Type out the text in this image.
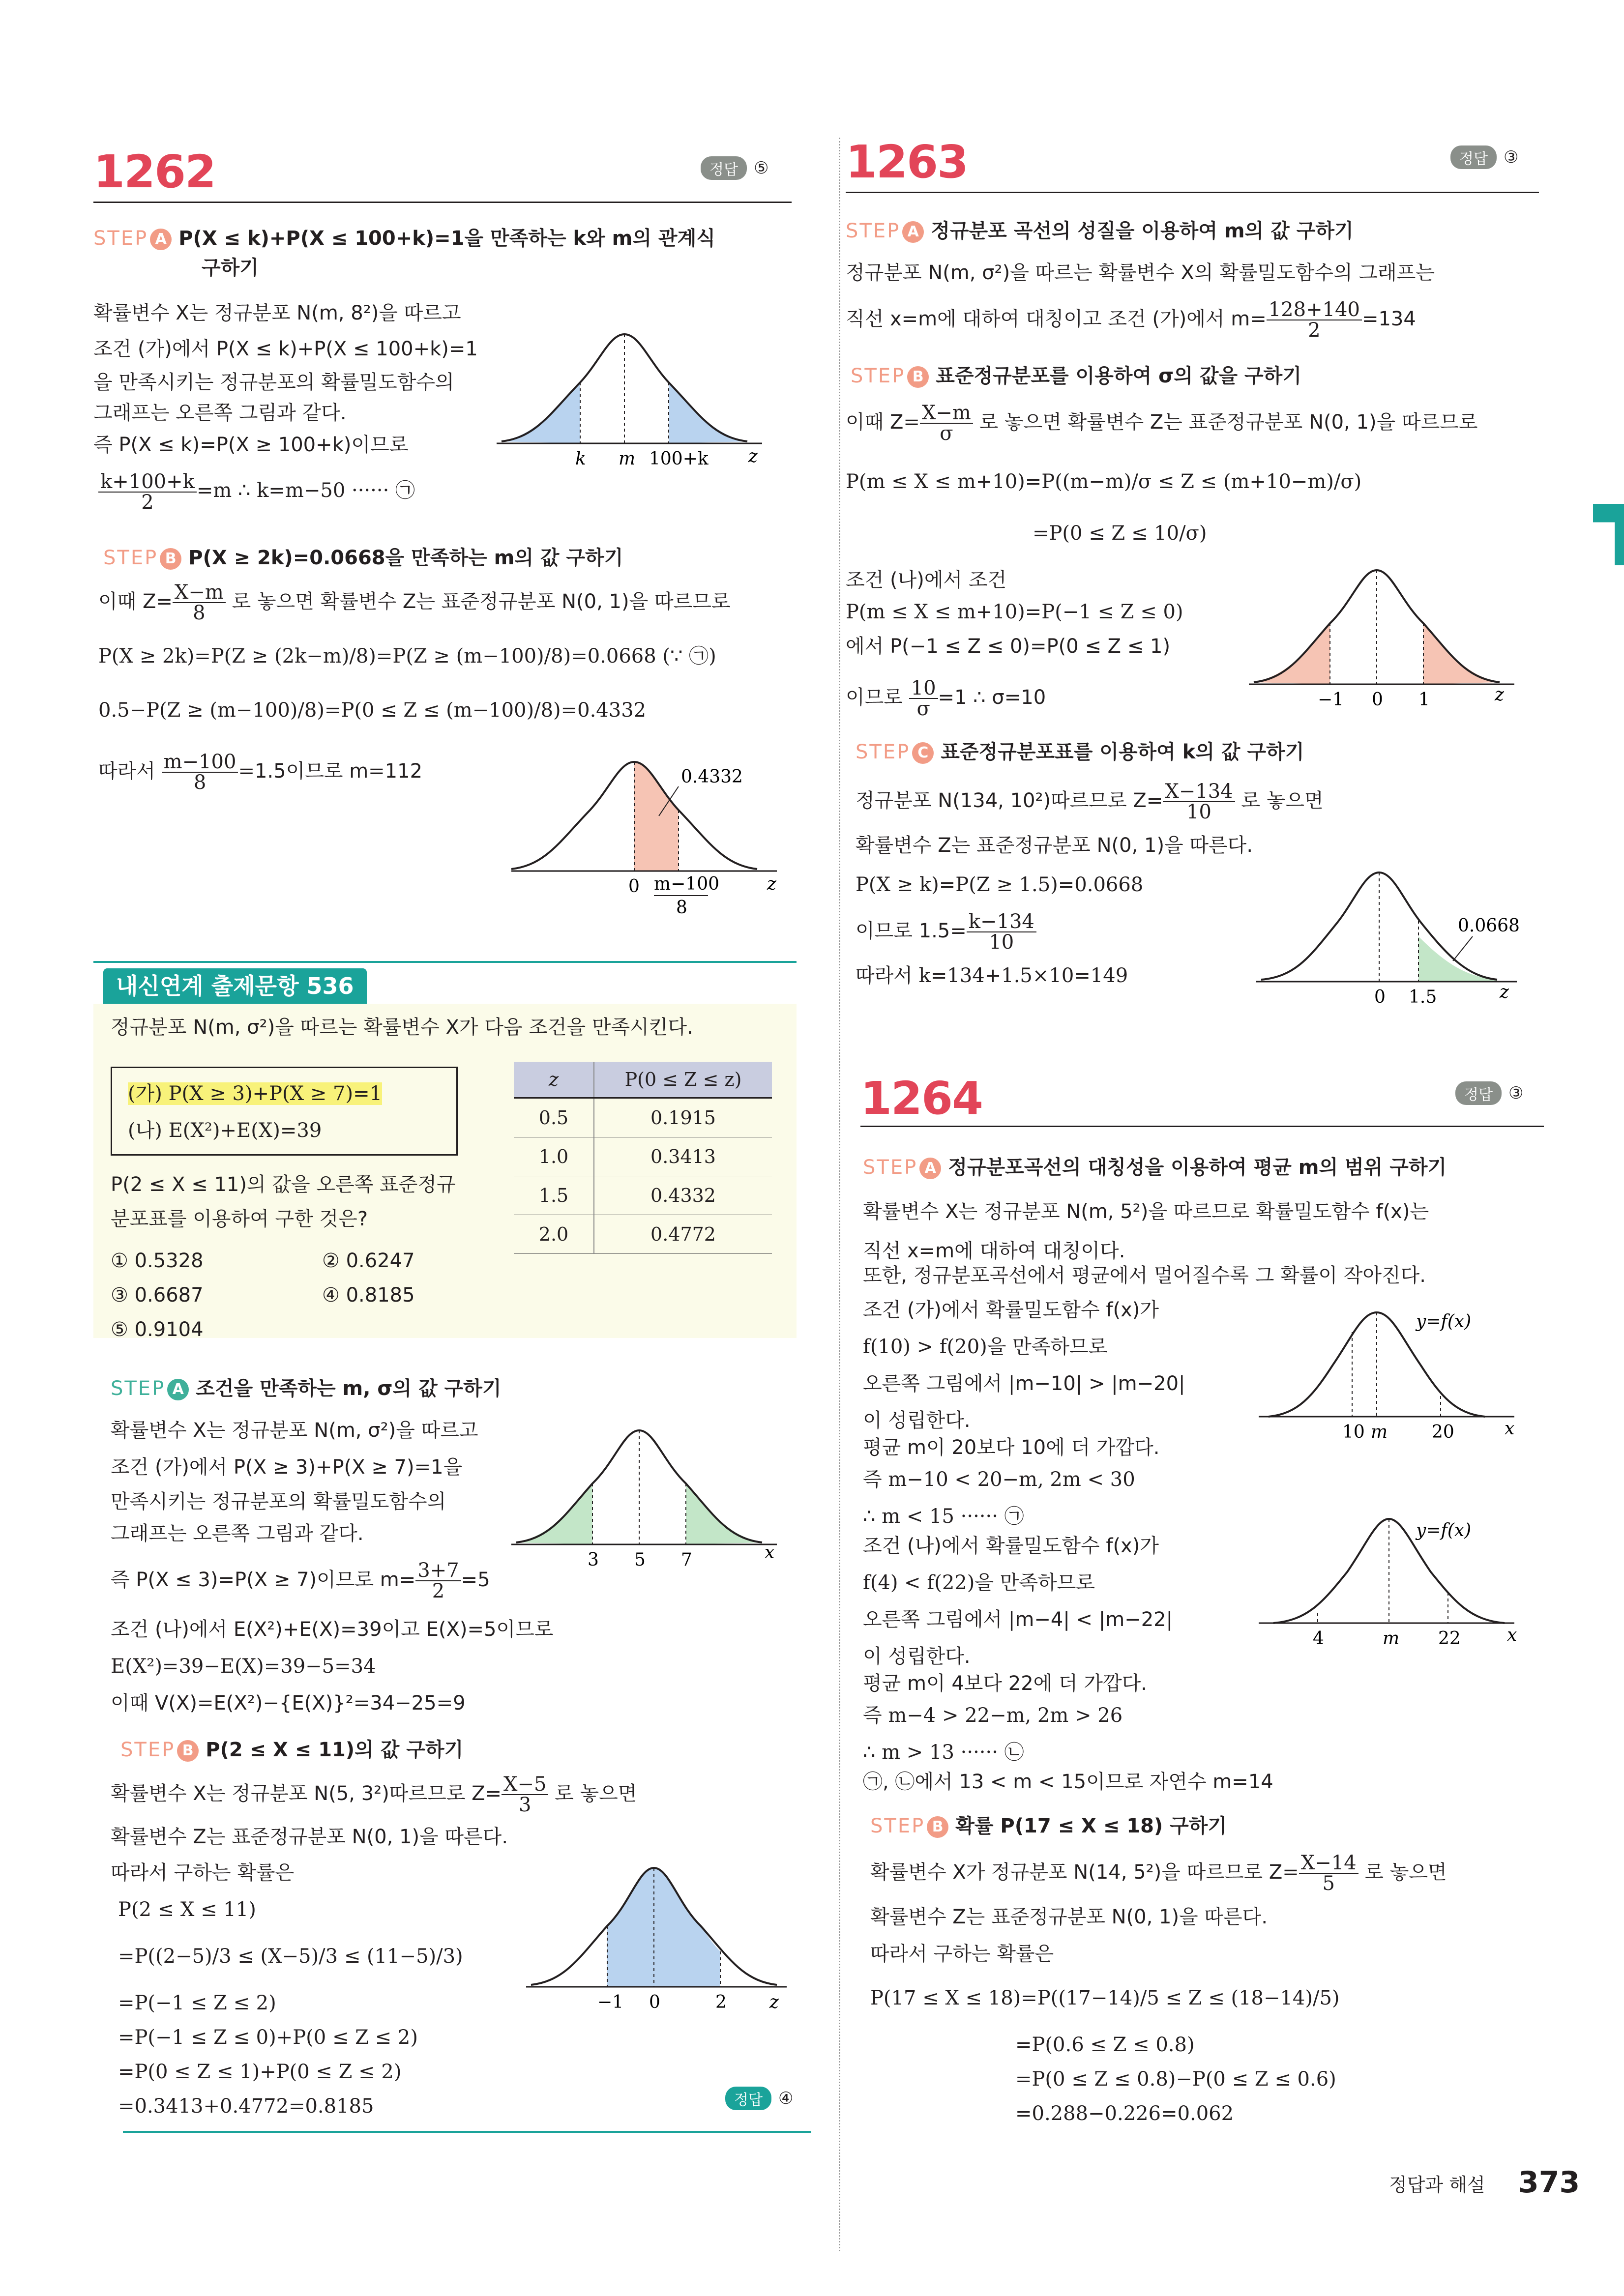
1262	정답 ⑤
STEP A P(X ≤ k)+P(X ≤ 100+k)=1을 만족하는 k와 m의 관계식
구하기
확률변수 X는 정규분포 N(m, 8²)을 따르고
조건 (가)에서 P(X ≤ k)+P(X ≤ 100+k)=1
을 만족시키는 정규분포의 확률밀도함수의
그래프는 오른쪽 그림과 같다.
즉 P(X ≤ k)=P(X ≥ 100+k)이므로
$\frac{k+100+k}{2} =m$ ∴ k=m−50 ······ ㉠
k m 100+k z
STEP B P(X ≥ 2k)=0.0668을 만족하는 m의 값 구하기
이때 $Z= \frac{X-m}{8}$ 로 놓으면 확률변수 Z는 표준정규분포 N(0, 1)을 따르므로
P(X ≥ 2k)=P(Z ≥ (2k−m)/8)=P(Z ≥ (m−100)/8)=0.0668 (∵ ㉠)
0.5−P(Z ≥ (m−100)/8)=P(0 ≤ Z ≤ (m−100)/8)=0.4332
따라서 $\frac{m-100}{8} =1.5$이므로 m=112	0.4332
0 m−100
8
z
내신연계 출제문항 536
정규분포 N(m, σ²)을 따르는 확률변수 X가 다음 조건을 만족시킨다.
(가) P(X ≥ 3)+P(X ≥ 7)=1
(나) E(X²)+E(X)=39
P(2 ≤ X ≤ 11)의 값을 오른쪽 표준정규
분포표를 이용하여 구한 것은?
① 0.5328	② 0.6247
③ 0.6687	④ 0.8185
⑤ 0.9104
z	P(0 ≤ Z ≤ z)
0.5	0.1915
1.0	0.3413
1.5	0.4332
2.0	0.4772
STEP A 조건을 만족하는 m, σ의 값 구하기
확률변수 X는 정규분포 N(m, σ²)을 따르고
조건 (가)에서 P(X ≥ 3)+P(X ≥ 7)=1을
만족시키는 정규분포의 확률밀도함수의
그래프는 오른쪽 그림과 같다.
즉 P(X ≤ 3)=P(X ≥ 7)이므로 $m= \frac{3+7}{2} =5$
조건 (나)에서 E(X²)+E(X)=39이고 E(X)=5이므로
E(X²)=39−E(X)=39−5=34
이때 V(X)=E(X²)−{E(X)}²=34−25=9
3 5 7	x
STEP B P(2 ≤ X ≤ 11)의 값 구하기
확률변수 X는 정규분포 N(5, 3²)따르므로 $Z= \frac{X-5}{3}$ 로 놓으면
확률변수 Z는 표준정규분포 N(0, 1)을 따른다.
따라서 구하는 확률은
P(2 ≤ X ≤ 11)
=P((2−5)/3 ≤ (X−5)/3 ≤ (11−5)/3)
=P(−1 ≤ Z ≤ 2)
=P(−1 ≤ Z ≤ 0)+P(0 ≤ Z ≤ 2)
=P(0 ≤ Z ≤ 1)+P(0 ≤ Z ≤ 2)
=0.3413+0.4772=0.8185
−1 0	2 z
정답 ④
1263	정답 ③
STEP A 정규분포 곡선의 성질을 이용하여 m의 값 구하기
정규분포 N(m, σ²)을 따르는 확률변수 X의 확률밀도함수의 그래프는
직선 x=m에 대하여 대칭이고 조건 (가)에서 $m= \frac{128+140}{2} =134$
STEP B 표준정규분포를 이용하여 σ의 값을 구하기
이때 $Z= \frac{X-m}{\sigma}$ 로 놓으면 확률변수 Z는 표준정규분포 N(0, 1)을 따르므로
P(m ≤ X ≤ m+10)=P((m−m)/σ ≤ Z ≤ (m+10−m)/σ)
=P(0 ≤ Z ≤ 10/σ)
조건 (나)에서 조건
P(m ≤ X ≤ m+10)=P(−1 ≤ Z ≤ 0)
에서 P(−1 ≤ Z ≤ 0)=P(0 ≤ Z ≤ 1)
이므로 $\frac{10}{\sigma} =1$ ∴ σ=10	−1 0 1	z
STEP C 표준정규분포표를 이용하여 k의 값 구하기
정규분포 N(134, 10²)따르므로 $Z= \frac{X-134}{10}$ 로 놓으면
확률변수 Z는 표준정규분포 N(0, 1)을 따른다.
P(X ≥ k)=P(Z ≥ 1.5)=0.0668
이므로 $1.5= \frac{k-134}{10}$
따라서 k=134+1.5×10=149
0.0668
0 1.5	z
1264	정답 ③
STEP A 정규분포곡선의 대칭성을 이용하여 평균 m의 범위 구하기
확률변수 X는 정규분포 N(m, 5²)을 따르므로 확률밀도함수 f(x)는
직선 x=m에 대하여 대칭이다.
또한, 정규분포곡선에서 평균에서 멀어질수록 그 확률이 작아진다.
조건 (가)에서 확률밀도함수 f(x)가
f(10) > f(20)을 만족하므로
오른쪽 그림에서 |m−10| > |m−20|
이 성립한다.
평균 m이 20보다 10에 더 가깝다.
즉 m−10 < 20−m, 2m < 30
∴ m < 15 ······ ㉠
조건 (나)에서 확률밀도함수 f(x)가
f(4) < f(22)을 만족하므로
오른쪽 그림에서 |m−4| < |m−22|
이 성립한다.
평균 m이 4보다 22에 더 가깝다.
즉 m−4 > 22−m, 2m > 26
∴ m > 13 ······ ㉡
㉠, ㉡에서 13 < m < 15이므로 자연수 m=14
y=f(x)
10 m 20	x
y=f(x)
4	m 22	x
STEP B 확률 P(17 ≤ X ≤ 18) 구하기
확률변수 X가 정규분포 N(14, 5²)을 따르므로 $Z= \frac{X-14}{5}$ 로 놓으면
확률변수 Z는 표준정규분포 N(0, 1)을 따른다.
따라서 구하는 확률은
P(17 ≤ X ≤ 18)=P((17−14)/5 ≤ Z ≤ (18−14)/5)
=P(0.6 ≤ Z ≤ 0.8)
=P(0 ≤ Z ≤ 0.8)−P(0 ≤ Z ≤ 0.6)
=0.288−0.226=0.062
정답과 해설 373
